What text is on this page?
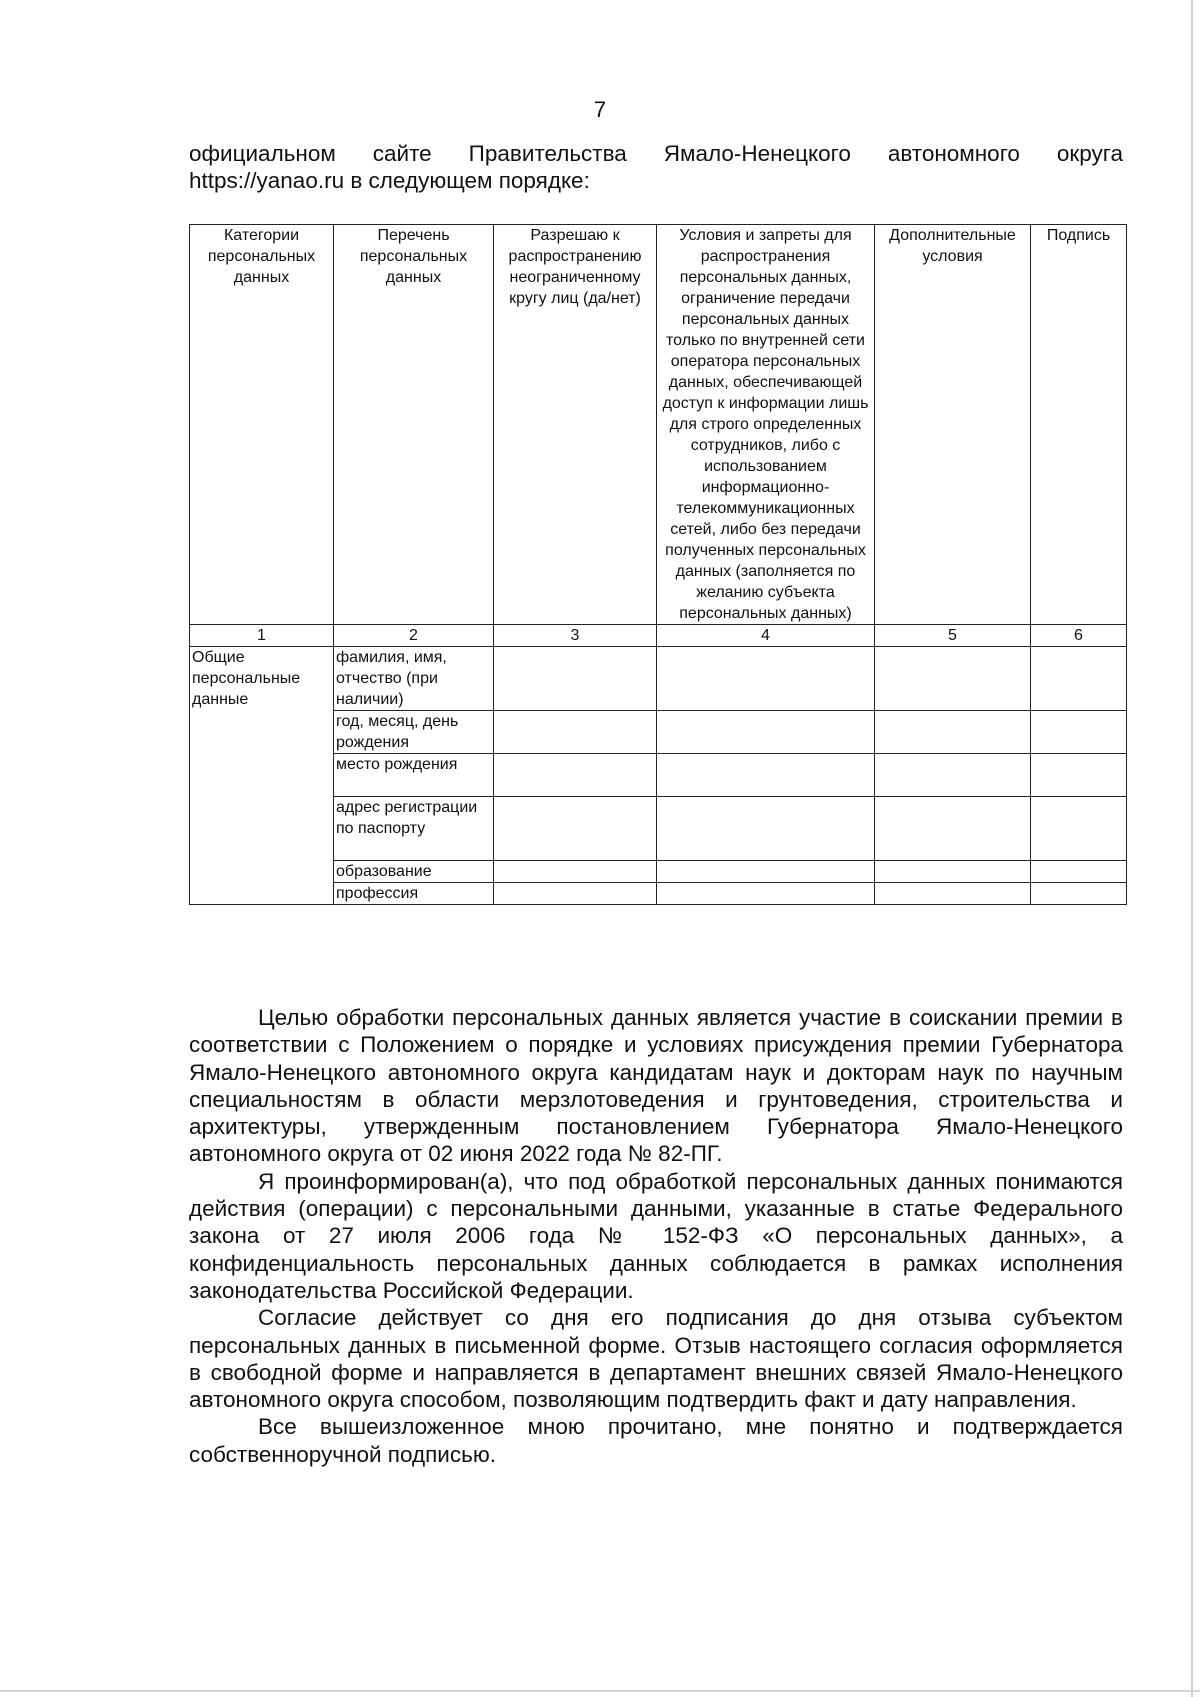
7

официальном сайте Правительства Ямало-Ненецкого автономного округа https://yanao.ru в следующем порядке:

Категории персональных данных	Перечень персональных данных	Разрешаю к распространению неограниченному кругу лиц (да/нет)	Условия и запреты для распространения персональных данных, ограничение передачи персональных данных только по внутренней сети оператора персональных данных, обеспечивающей доступ к информации лишь для строго определенных сотрудников, либо с использованием информационно-телекоммуникационных сетей, либо без передачи полученных персональных данных (заполняется по желанию субъекта персональных данных)	Дополнительные условия	Подпись
1	2	3	4	5	6
Общие персональные данные	фамилия, имя, отчество (при наличии)				
	год, месяц, день рождения				
	место рождения				
	адрес регистрации по паспорту				
	образование				
	профессия				

Целью обработки персональных данных является участие в соискании премии в соответствии с Положением о порядке и условиях присуждения премии Губернатора Ямало-Ненецкого автономного округа кандидатам наук и докторам наук по научным специальностям в области мерзлотоведения и грунтоведения, строительства и архитектуры, утвержденным постановлением Губернатора Ямало-Ненецкого автономного округа от 02 июня 2022 года № 82-ПГ.

Я проинформирован(а), что под обработкой персональных данных понимаются действия (операции) с персональными данными, указанные в статье Федерального закона от 27 июля 2006 года № 152-ФЗ «О персональных данных», а конфиденциальность персональных данных соблюдается в рамках исполнения законодательства Российской Федерации.

Согласие действует со дня его подписания до дня отзыва субъектом персональных данных в письменной форме. Отзыв настоящего согласия оформляется в свободной форме и направляется в департамент внешних связей Ямало-Ненецкого автономного округа способом, позволяющим подтвердить факт и дату направления.

Все вышеизложенное мною прочитано, мне понятно и подтверждается собственноручной подписью.
